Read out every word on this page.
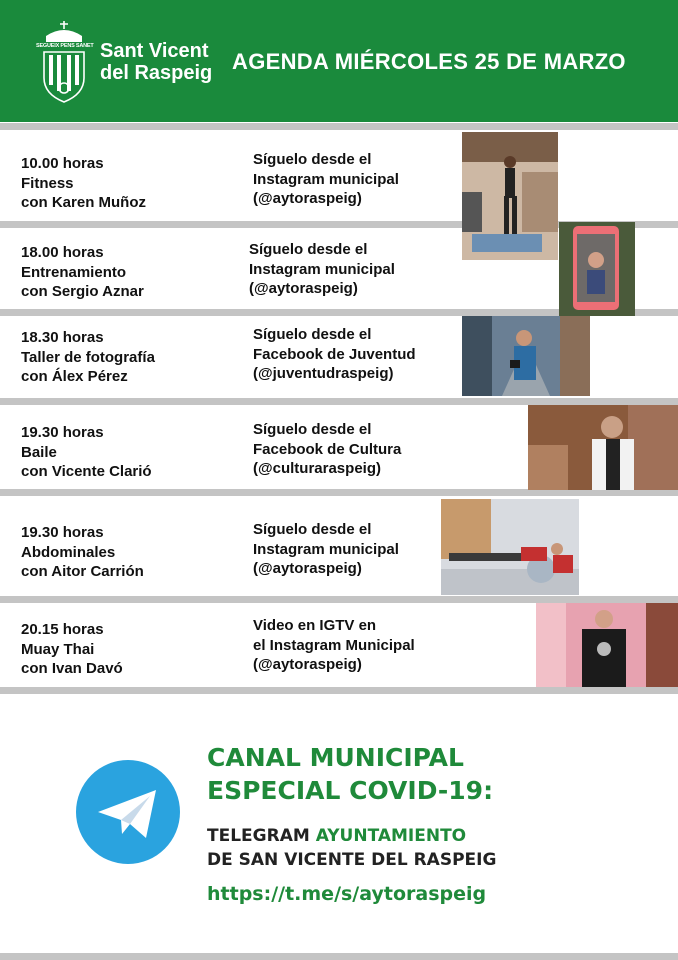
SEGUEIX PENS SANET Sant Vicent
del Raspeig AGENDA MIÉRCOLES 25 DE MARZO
10.00 horas
Fitness
con Karen Muñoz
Síguelo desde el
Instagram municipal
(@aytoraspeig)
18.00 horas
Entrenamiento
con Sergio Aznar
Síguelo desde el
Instagram municipal
(@aytoraspeig)
18.30 horas
Taller de fotografía
con Álex Pérez
Síguelo desde el
Facebook de Juventud
(@juventudraspeig)
19.30 horas
Baile
con Vicente Clarió
Síguelo desde el
Facebook de Cultura
(@culturaraspeig)
19.30 horas
Abdominales
con Aitor Carrión
Síguelo desde el
Instagram municipal
(@aytoraspeig)
20.15 horas
Muay Thai
con Ivan Davó
Video en IGTV en
el Instagram Municipal
(@aytoraspeig)
CANAL MUNICIPAL
ESPECIAL COVID-19:
TELEGRAM AYUNTAMIENTO
DE SAN VICENTE DEL RASPEIG
https://t.me/s/aytoraspeig
